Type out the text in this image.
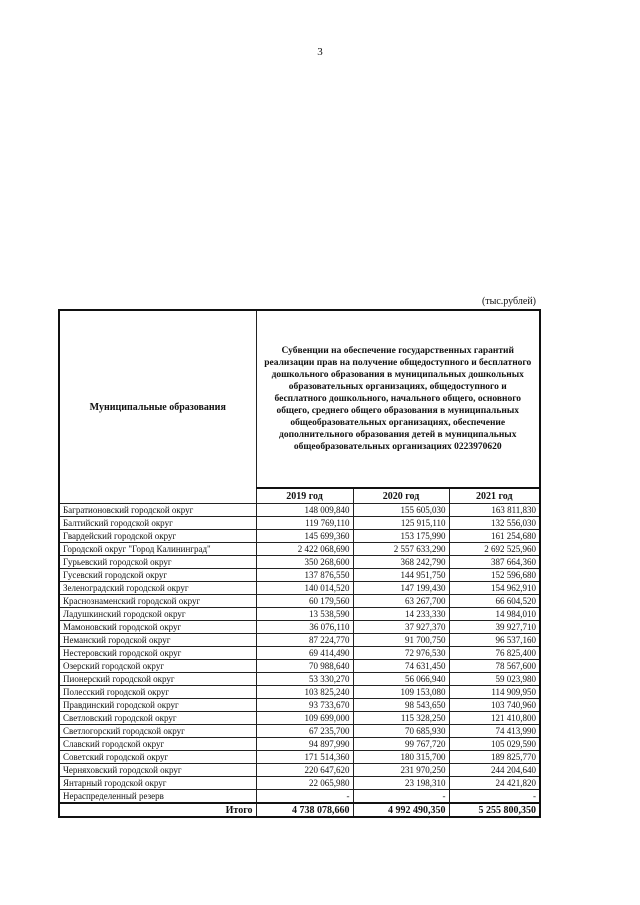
3
(тыс.рублей)
Муниципальные образования	Субвенции на обеспечение государственных гарантий реализации прав на получение общедоступного и бесплатного дошкольного образования в муниципальных дошкольных образовательных организациях, общедоступного и бесплатного дошкольного, начального общего, основного общего, среднего общего образования в муниципальных общеобразовательных организациях, обеспечение дополнительного образования детей в муниципальных общеобразовательных организациях 0223970620		

	2019 год	2020 год	2021 год
Багратионовский городской округ	148 009,840	155 605,030	163 811,830
Балтийский городской округ	119 769,110	125 915,110	132 556,030
Гвардейский городской округ	145 699,360	153 175,990	161 254,680
Городской округ "Город Калининград"	2 422 068,690	2 557 633,290	2 692 525,960
Гурьевский городской округ	350 268,600	368 242,790	387 664,360
Гусевский городской округ	137 876,550	144 951,750	152 596,680
Зеленоградский городской округ	140 014,520	147 199,430	154 962,910
Краснознаменский городской округ	60 179,560	63 267,700	66 604,520
Ладушкинский городской округ	13 538,590	14 233,330	14 984,010
Мамоновский городской округ	36 076,110	37 927,370	39 927,710
Неманский городской округ	87 224,770	91 700,750	96 537,160
Нестеровский городской округ	69 414,490	72 976,530	76 825,400
Озерский городской округ	70 988,640	74 631,450	78 567,600
Пионерский городской округ	53 330,270	56 066,940	59 023,980
Полесский городской округ	103 825,240	109 153,080	114 909,950
Правдинский городской округ	93 733,670	98 543,650	103 740,960
Светловский городской округ	109 699,000	115 328,250	121 410,800
Светлогорский городской округ	67 235,700	70 685,930	74 413,990
Славский городской округ	94 897,990	99 767,720	105 029,590
Советский городской округ	171 514,360	180 315,700	189 825,770
Черняховский городской округ	220 647,620	231 970,250	244 204,640
Янтарный городской округ	22 065,980	23 198,310	24 421,820
Нераспределенный резерв	-	-	-
Итого	4 738 078,660	4 992 490,350	5 255 800,350
